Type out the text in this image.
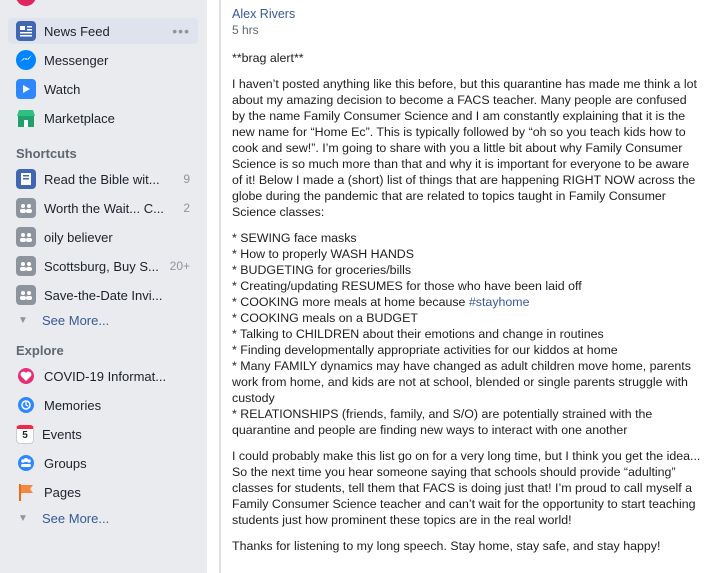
News Feed	•••
Messenger
Watch
Marketplace
Shortcuts
Read the Bible wit...	9
Worth the Wait... C...	2
oily believer
Scottsburg, Buy S... 20+
Save-the-Date Invi...
▼ See More...
Explore
COVID-19 Informat...
Memories
5	Events
Groups
Pages
▼ See More...
Alex Rivers
5 hrs

**brag alert**

I haven’t posted anything like this before, but this quarantine has made me think a lot about my amazing decision to become a FACS teacher. Many people are confused by the name Family Consumer Science and I am constantly explaining that it is the new name for “Home Ec”. This is typically followed by “oh so you teach kids how to cook and sew!”. I’m going to share with you a little bit about why Family Consumer Science is so much more than that and why it is important for everyone to be aware of it! Below I made a (short) list of things that are happening RIGHT NOW across the globe during the pandemic that are related to topics taught in Family Consumer Science classes:

* SEWING face masks
* How to properly WASH HANDS
* BUDGETING for groceries/bills
* Creating/updating RESUMES for those who have been laid off
* COOKING more meals at home because #stayhome
* COOKING meals on a BUDGET
* Talking to CHILDREN about their emotions and change in routines
* Finding developmentally appropriate activities for our kiddos at home
* Many FAMILY dynamics may have changed as adult children move home, parents work from home, and kids are not at school, blended or single parents struggle with custody
* RELATIONSHIPS (friends, family, and S/O) are potentially strained with the quarantine and people are finding new ways to interact with one another

I could probably make this list go on for a very long time, but I think you get the idea... So the next time you hear someone saying that schools should provide “adulting” classes for students, tell them that FACS is doing just that! I’m proud to call myself a Family Consumer Science teacher and can’t wait for the opportunity to start teaching students just how prominent these topics are in the real world!

Thanks for listening to my long speech. Stay home, stay safe, and stay happy!
